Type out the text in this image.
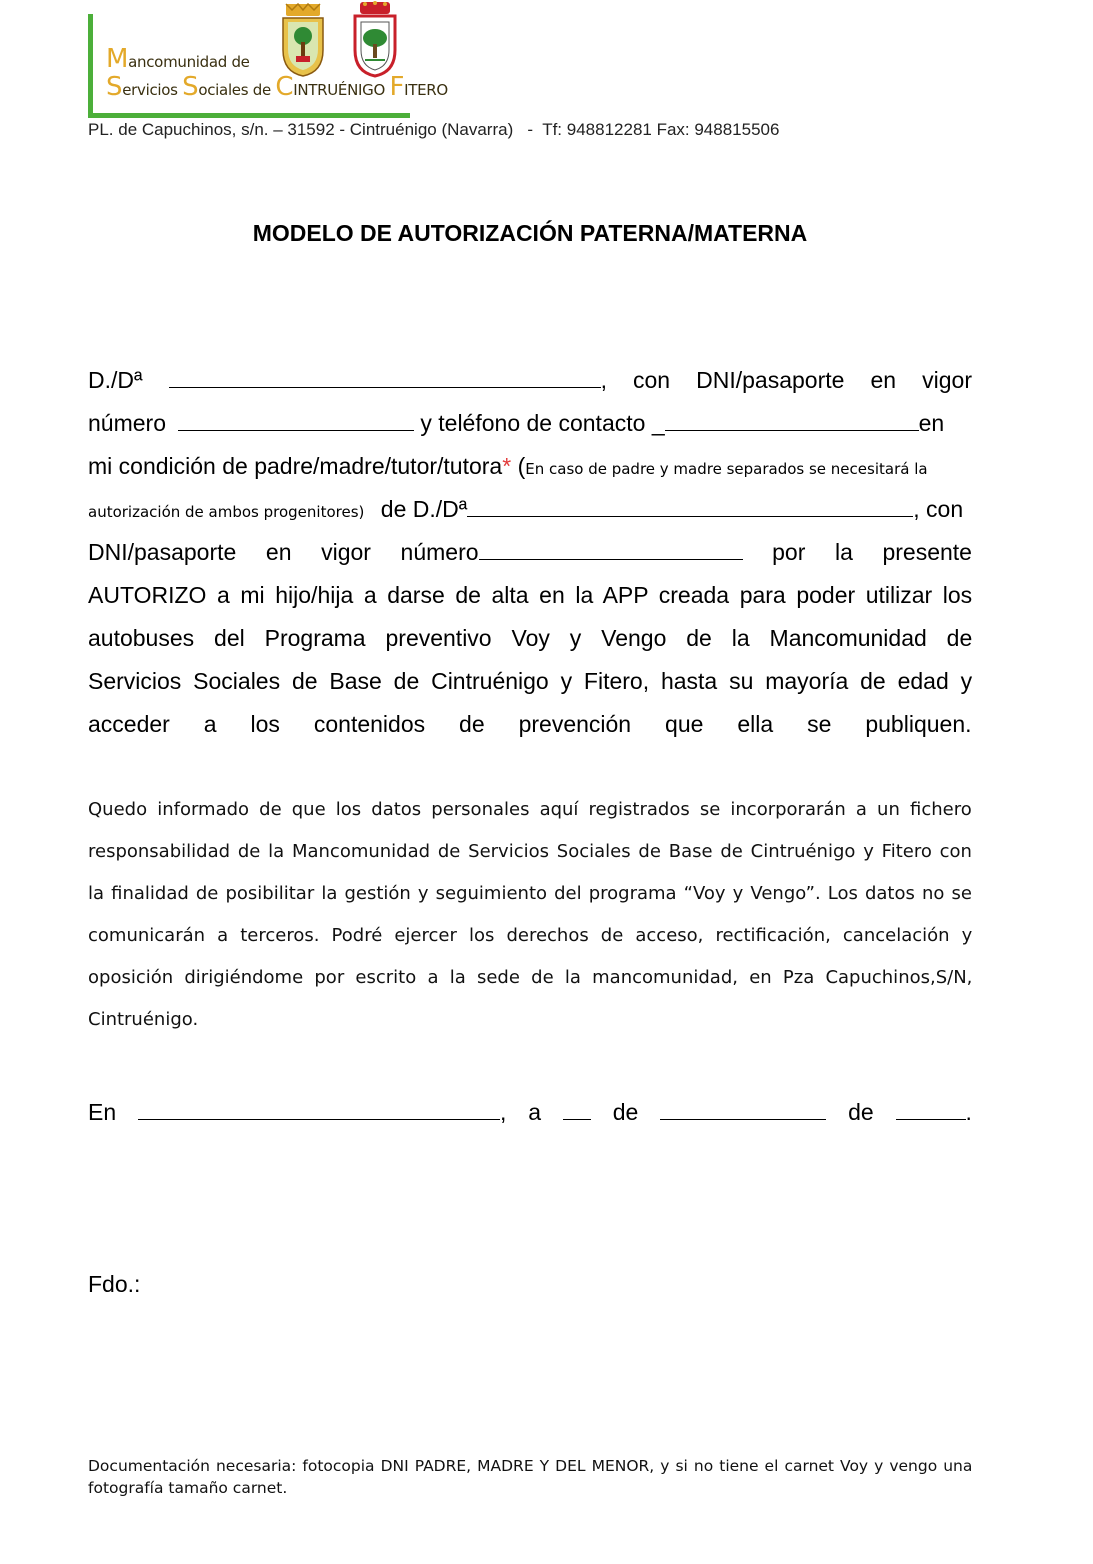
Mancomunidad de
Servicios Sociales de CINTRUÉNIGO FITERO
PL. de Capuchinos, s/n. – 31592 - Cintruénigo (Navarra)   -  Tf: 948812281 Fax: 948815506
MODELO DE AUTORIZACIÓN PATERNA/MATERNA
D./Dª	, con DNI/pasaporte en vigor
número	y teléfono de contacto _	en
mi condición de padre/madre/tutor/tutora* (En caso de padre y madre separados se necesitará la
autorización de ambos progenitores) de D./Dª	, con
DNI/pasaporte en vigor número	por la presente
AUTORIZO a mi hijo/hija a darse de alta en la APP creada para poder utilizar los
autobuses del Programa preventivo Voy y Vengo de la Mancomunidad de
Servicios Sociales de Base de Cintruénigo y Fitero, hasta su mayoría de edad y
acceder a los contenidos de prevención que ella se publiquen.
Quedo informado de que los datos personales aquí registrados se incorporarán a un fichero
responsabilidad de la Mancomunidad de Servicios Sociales de Base de Cintruénigo y Fitero con
la finalidad de posibilitar la gestión y seguimiento del programa “Voy y Vengo”. Los datos no se
comunicarán a terceros. Podré ejercer los derechos de acceso, rectificación, cancelación y
oposición dirigiéndome por escrito a la sede de la mancomunidad, en Pza Capuchinos,S/N,
Cintruénigo.
En	, a	de	de	.
Fdo.:
Documentación necesaria: fotocopia DNI PADRE, MADRE Y DEL MENOR, y si no tiene el carnet Voy y vengo una
fotografía tamaño carnet.
